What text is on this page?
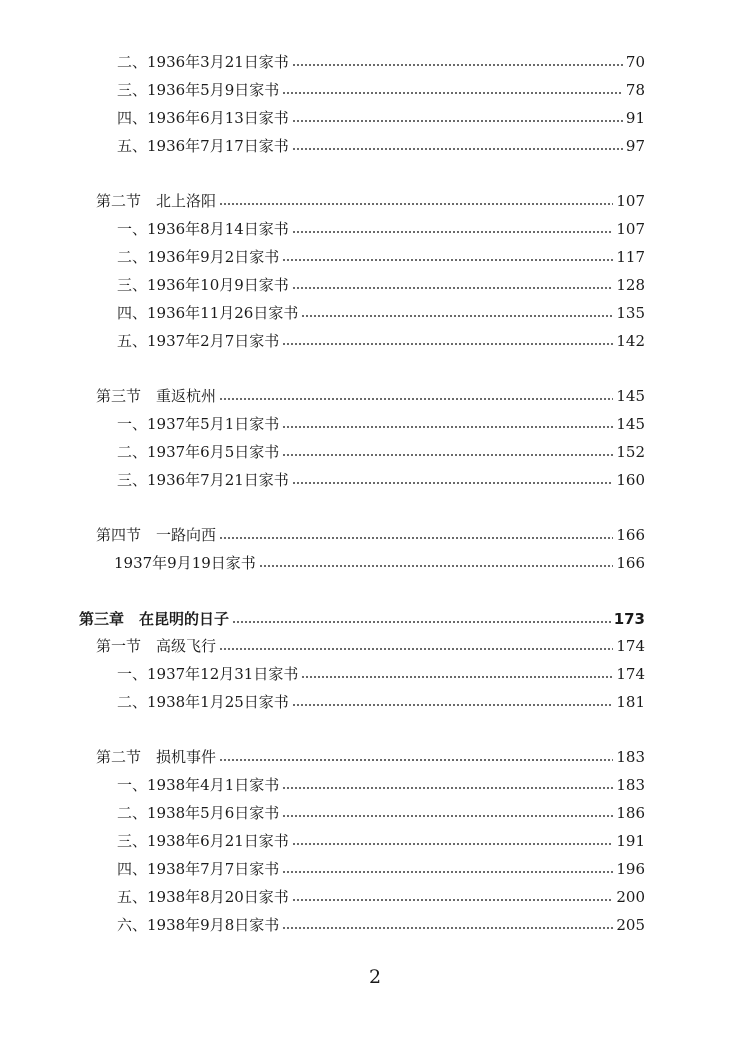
二、1936年3月21日家书	70
三、1936年5月9日家书	78
四、1936年6月13日家书	91
五、1936年7月17日家书	97
第二节　北上洛阳	107
一、1936年8月14日家书	107
二、1936年9月2日家书	117
三、1936年10月9日家书	128
四、1936年11月26日家书	135
五、1937年2月7日家书	142
第三节　重返杭州	145
一、1937年5月1日家书	145
二、1937年6月5日家书	152
三、1936年7月21日家书	160
第四节　一路向西	166
1937年9月19日家书	166
第三章　在昆明的日子	173
第一节　高级飞行	174
一、1937年12月31日家书	174
二、1938年1月25日家书	181
第二节　损机事件	183
一、1938年4月1日家书	183
二、1938年5月6日家书	186
三、1938年6月21日家书	191
四、1938年7月7日家书	196
五、1938年8月20日家书	200
六、1938年9月8日家书	205
2
